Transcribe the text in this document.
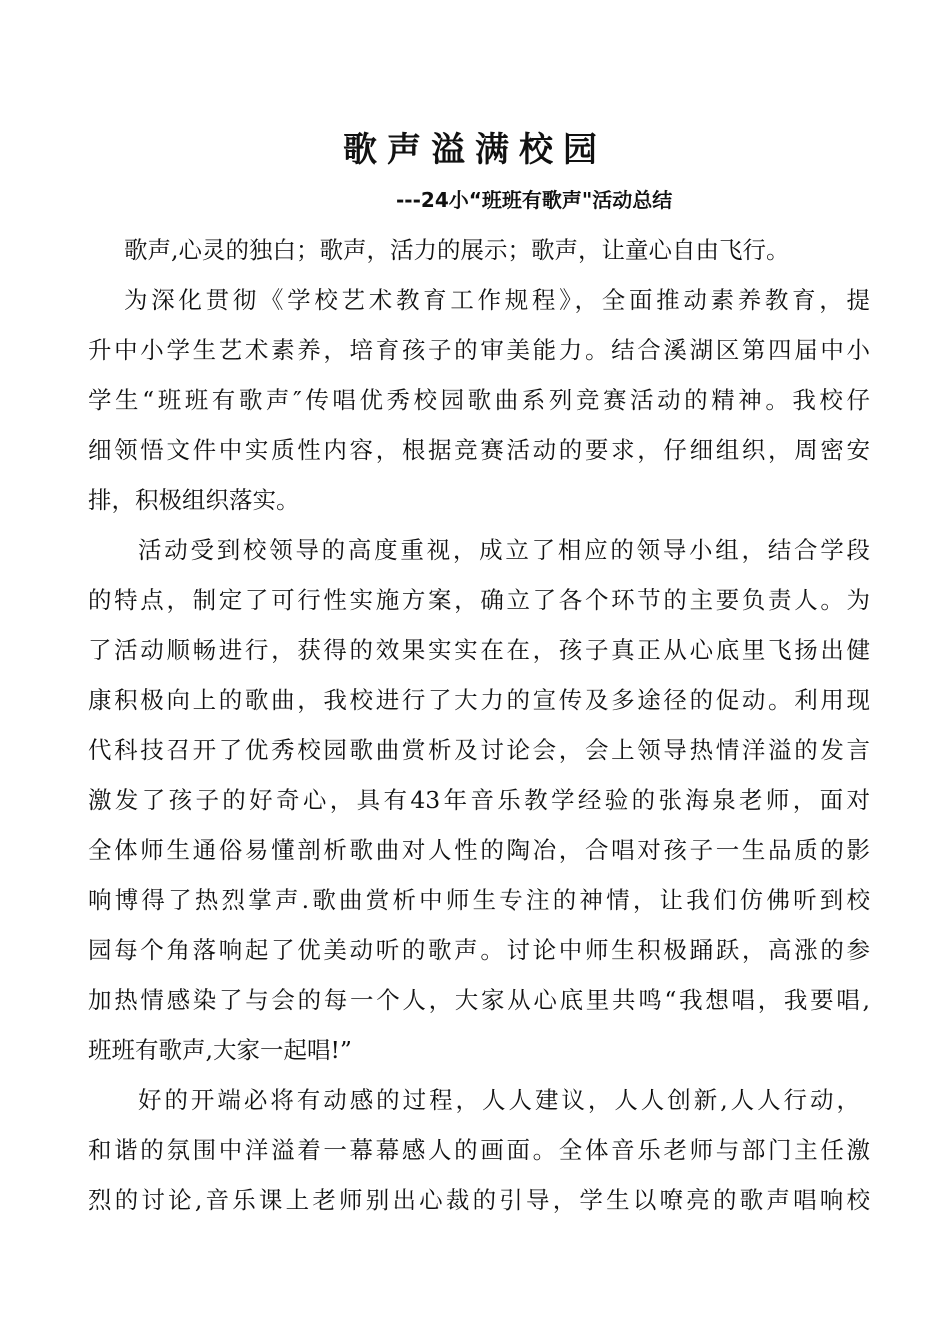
歌声溢满校园
---24小“班班有歌声"活动总结
歌声,心灵的独白；歌声，活力的展示；歌声，让童心自由飞行。
为深化贯彻《学校艺术教育工作规程》，全面推动素养教育，提
升中小学生艺术素养，培育孩子的审美能力。结合溪湖区第四届中小
学生“班班有歌声″传唱优秀校园歌曲系列竞赛活动的精神。我校仔
细领悟文件中实质性内容，根据竞赛活动的要求，仔细组织，周密安
排，积极组织落实。
活动受到校领导的高度重视，成立了相应的领导小组，结合学段
的特点，制定了可行性实施方案，确立了各个环节的主要负责人。为
了活动顺畅进行，获得的效果实实在在，孩子真正从心底里飞扬出健
康积极向上的歌曲，我校进行了大力的宣传及多途径的促动。利用现
代科技召开了优秀校园歌曲赏析及讨论会，会上领导热情洋溢的发言
激发了孩子的好奇心，具有43年音乐教学经验的张海泉老师，面对
全体师生通俗易懂剖析歌曲对人性的陶冶，合唱对孩子一生品质的影
响博得了热烈掌声.歌曲赏析中师生专注的神情，让我们仿佛听到校
园每个角落响起了优美动听的歌声。讨论中师生积极踊跃，高涨的参
加热情感染了与会的每一个人，大家从心底里共鸣“我想唱，我要唱,
班班有歌声,大家一起唱!”
好的开端必将有动感的过程，人人建议，人人创新,人人行动，
和谐的氛围中洋溢着一幕幕感人的画面。全体音乐老师与部门主任激
烈的讨论,音乐课上老师别出心裁的引导，学生以嘹亮的歌声唱响校
